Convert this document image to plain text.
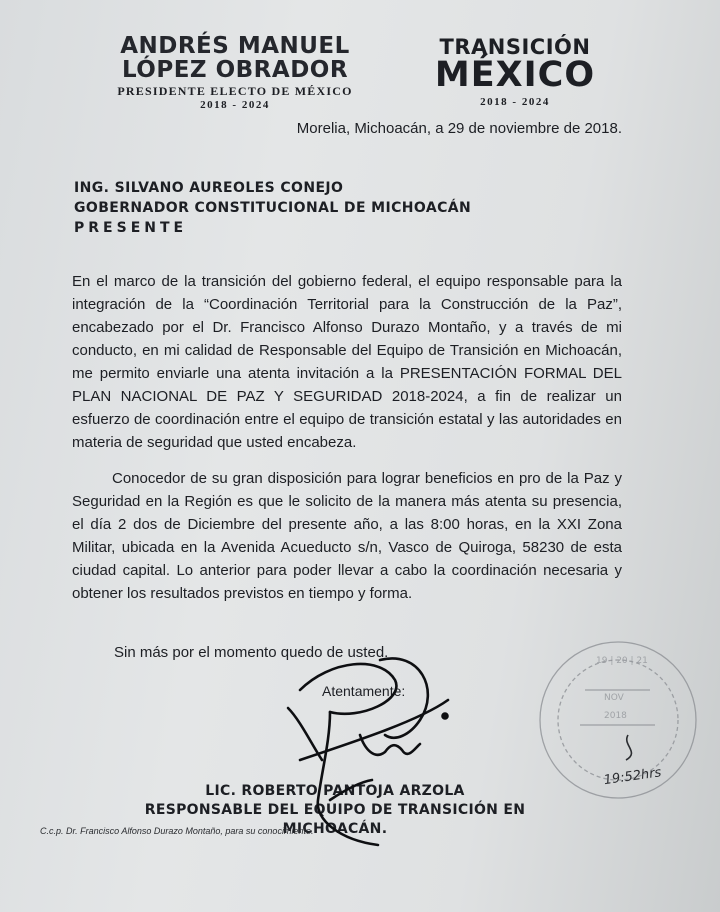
ANDRÉS MANUEL
LÓPEZ OBRADOR
PRESIDENTE ELECTO DE MÉXICO
2018 - 2024
TRANSICIÓN
MÉXICO
2018 - 2024
Morelia, Michoacán, a 29 de noviembre de 2018.
ING. SILVANO AUREOLES CONEJO
GOBERNADOR CONSTITUCIONAL DE MICHOACÁN
PRESENTE

En el marco de la transición del gobierno federal, el equipo responsable para la integración de la “Coordinación Territorial para la Construcción de la Paz”, encabezado por el Dr. Francisco Alfonso Durazo Montaño, y a través de mi conducto, en mi calidad de Responsable del Equipo de Transición en Michoacán, me permito enviarle una atenta invitación a la PRESENTACIÓN FORMAL DEL PLAN NACIONAL DE PAZ Y SEGURIDAD 2018-2024, a fin de realizar un esfuerzo de coordinación entre el equipo de transición estatal y las autoridades en materia de seguridad que usted encabeza.

Conocedor de su gran disposición para lograr beneficios en pro de la Paz y Seguridad en la Región es que le solicito de la manera más atenta su presencia, el día 2 dos de Diciembre del presente año, a las 8:00 horas, en la XXI Zona Militar, ubicada en la Avenida Acueducto s/n, Vasco de Quiroga, 58230 de esta ciudad capital. Lo anterior para poder llevar a cabo la coordinación necesaria y obtener los resultados previstos en tiempo y forma.

Sin más por el momento quedo de usted.
Atentamente:
LIC. ROBERTO PANTOJA ARZOLA
RESPONSABLE DEL EQUIPO DE TRANSICIÓN EN MICHOACÁN.
C.c.p. Dr. Francisco Alfonso Durazo Montaño, para su conocimiento.
19 | 20 | 21
NOV
2018
19:52hrs
